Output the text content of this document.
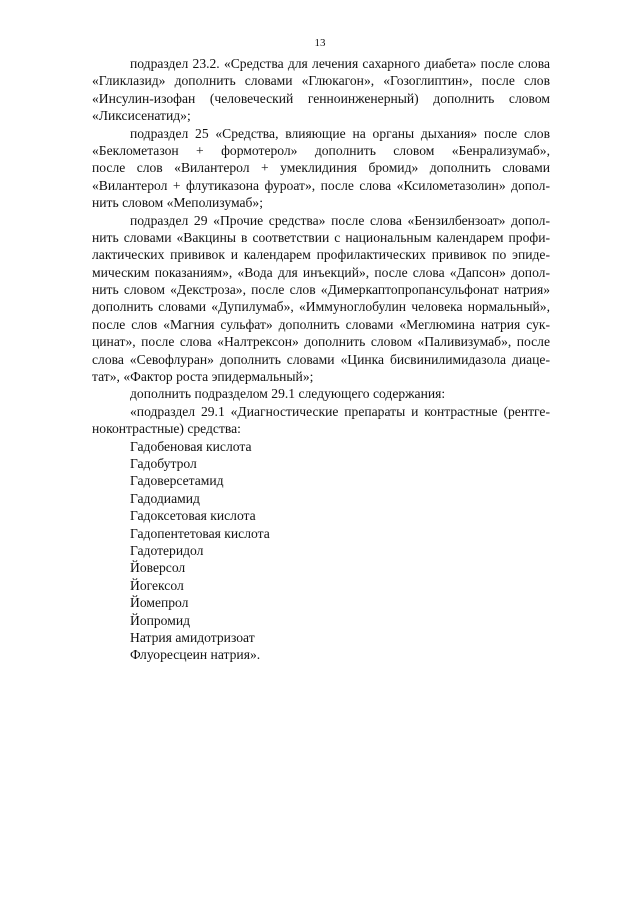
13
подраздел 23.2. «Средства для лечения сахарного диабета» после слова
«Гликлазид» дополнить словами «Глюкагон», «Гозоглиптин», после слов
«Инсулин-изофан (человеческий генноинженерный) дополнить словом
«Ликсисенатид»;
подраздел 25 «Средства, влияющие на органы дыхания» после слов
«Беклометазон + формотерол» дополнить словом «Бенрализумаб»,
после слов «Вилантерол + умеклидиния бромид» дополнить словами
«Вилантерол + флутиказона фуроат», после слова «Ксилометазолин» допол-
нить словом «Меполизумаб»;
подраздел 29 «Прочие средства» после слова «Бензилбензоат» допол-
нить словами «Вакцины в соответствии с национальным календарем профи-
лактических прививок и календарем профилактических прививок по эпиде-
мическим показаниям», «Вода для инъекций», после слова «Дапсон» допол-
нить словом «Декстроза», после слов «Димеркаптопропансульфонат натрия»
дополнить словами «Дупилумаб», «Иммуноглобулин человека нормальный»,
после слов «Магния сульфат» дополнить словами «Меглюмина натрия сук-
цинат», после слова «Налтрексон» дополнить словом «Паливизумаб», после
слова «Севофлуран» дополнить словами «Цинка бисвинилимидазола диаце-
тат», «Фактор роста эпидермальный»;
дополнить подразделом 29.1 следующего содержания:
«подраздел 29.1 «Диагностические препараты и контрастные (рентге-
ноконтрастные) средства:
Гадобеновая кислота
Гадобутрол
Гадоверсетамид
Гадодиамид
Гадоксетовая кислота
Гадопентетовая кислота
Гадотеридол
Йоверсол
Йогексол
Йомепрол
Йопромид
Натрия амидотризоат
Флуоресцеин натрия».
